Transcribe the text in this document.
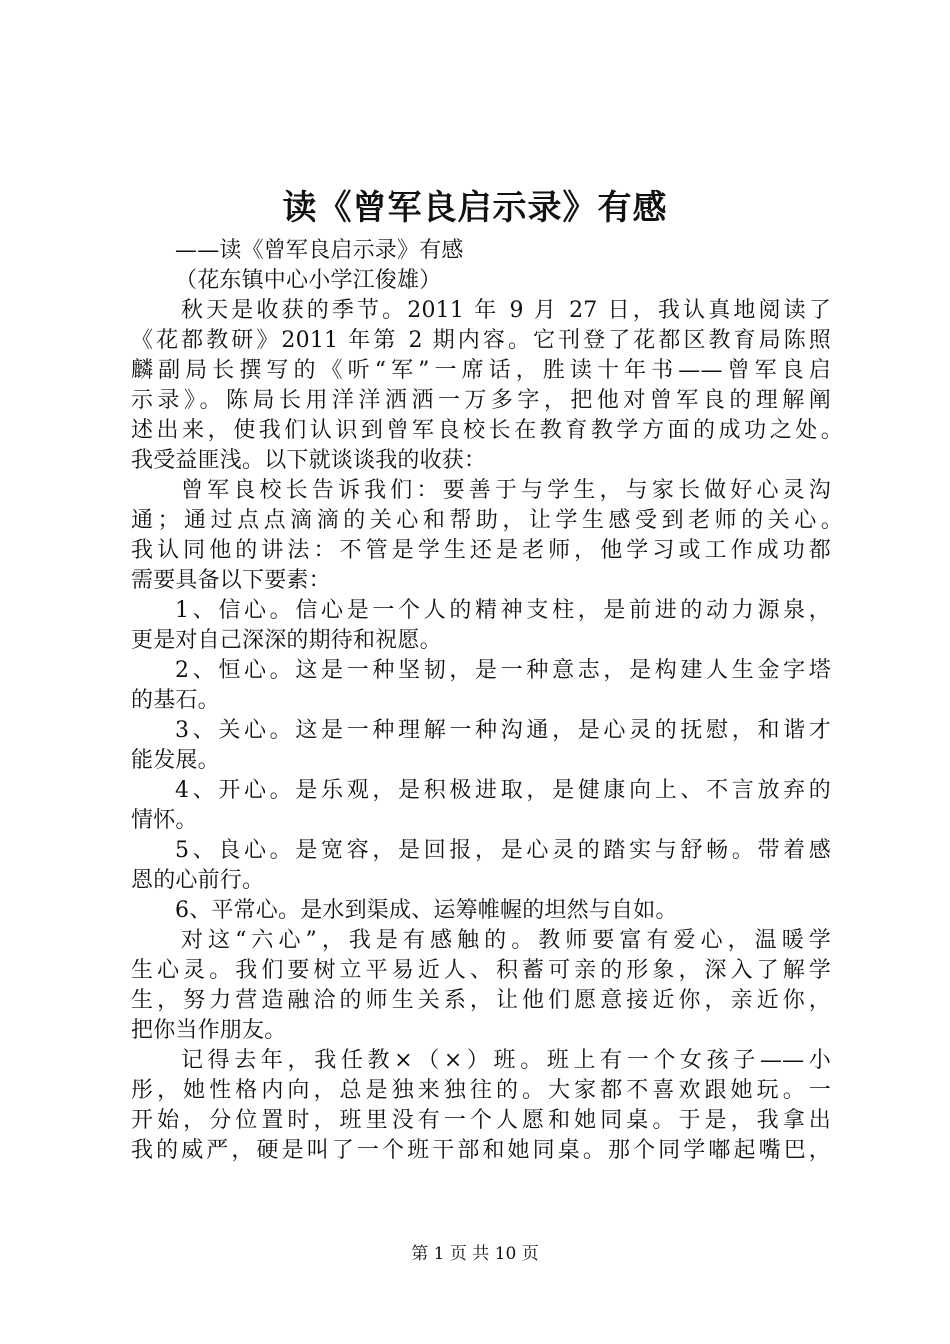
读《曾军良启示录》有感
——读《曾军良启示录》有感
（花东镇中心小学江俊雄）
秋天是收获的季节。2011 年 9 月 27 日，我认真地阅读了
《花都教研》2011 年第 2 期内容。它刊登了花都区教育局陈照
麟副局长撰写的《听“军”一席话，胜读十年书——曾军良启
示录》。陈局长用洋洋洒洒一万多字，把他对曾军良的理解阐
述出来，使我们认识到曾军良校长在教育教学方面的成功之处。
我受益匪浅。以下就谈谈我的收获：
曾军良校长告诉我们：要善于与学生，与家长做好心灵沟
通；通过点点滴滴的关心和帮助，让学生感受到老师的关心。
我认同他的讲法：不管是学生还是老师，他学习或工作成功都
需要具备以下要素：
1、信心。信心是一个人的精神支柱，是前进的动力源泉，
更是对自己深深的期待和祝愿。
2、恒心。这是一种坚韧，是一种意志，是构建人生金字塔
的基石。
3、关心。这是一种理解一种沟通，是心灵的抚慰，和谐才
能发展。
4、开心。是乐观，是积极进取，是健康向上、不言放弃的
情怀。
5、良心。是宽容，是回报，是心灵的踏实与舒畅。带着感
恩的心前行。
6、平常心。是水到渠成、运筹帷幄的坦然与自如。
对这“六心”，我是有感触的。教师要富有爱心，温暖学
生心灵。我们要树立平易近人、积蓄可亲的形象，深入了解学
生，努力营造融洽的师生关系，让他们愿意接近你，亲近你，
把你当作朋友。
记得去年，我任教×（×）班。班上有一个女孩子——小
彤，她性格内向，总是独来独往的。大家都不喜欢跟她玩。一
开始，分位置时，班里没有一个人愿和她同桌。于是，我拿出
我的威严，硬是叫了一个班干部和她同桌。那个同学嘟起嘴巴，
第 1 页 共 10 页
